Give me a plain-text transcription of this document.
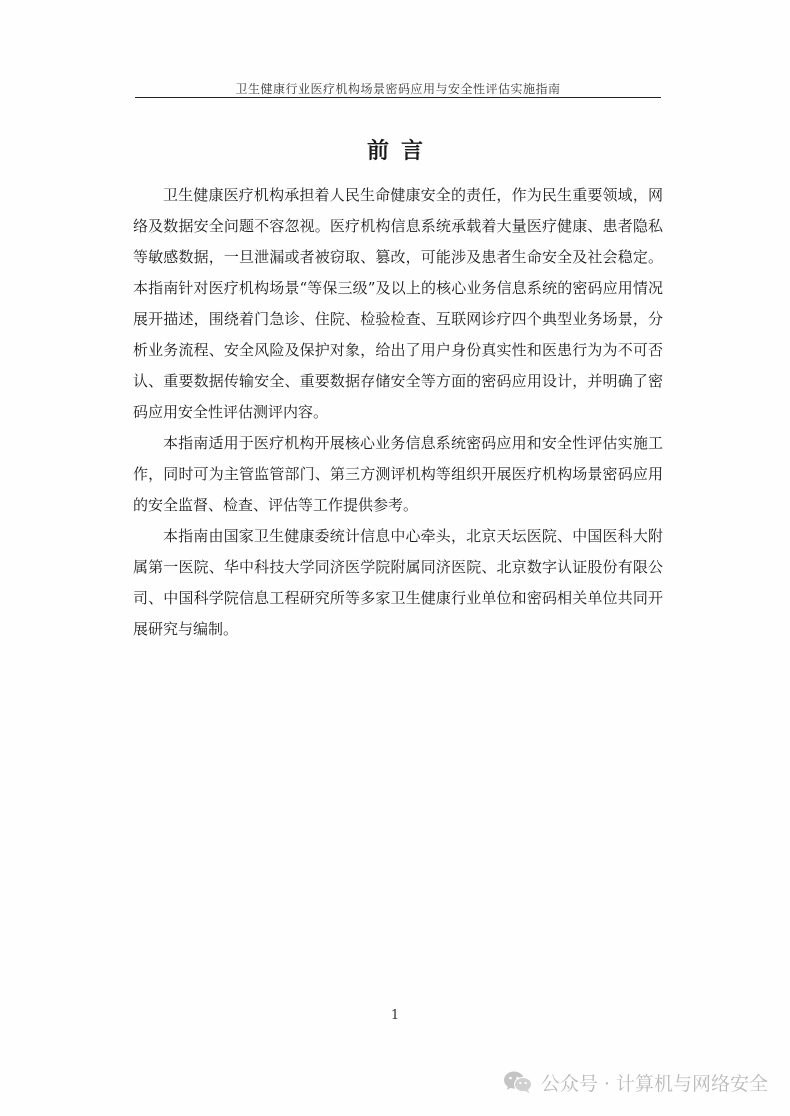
卫生健康行业医疗机构场景密码应用与安全性评估实施指南
前言

卫生健康医疗机构承担着人民生命健康安全的责任，作为民生重要领域，网络及数据安全问题不容忽视。医疗机构信息系统承载着大量医疗健康、患者隐私等敏感数据，一旦泄漏或者被窃取、篡改，可能涉及患者生命安全及社会稳定。本指南针对医疗机构场景“等保三级”及以上的核心业务信息系统的密码应用情况展开描述，围绕着门急诊、住院、检验检查、互联网诊疗四个典型业务场景，分析业务流程、安全风险及保护对象，给出了用户身份真实性和医患行为为不可否认、重要数据传输安全、重要数据存储安全等方面的密码应用设计，并明确了密码应用安全性评估测评内容。

本指南适用于医疗机构开展核心业务信息系统密码应用和安全性评估实施工作，同时可为主管监管部门、第三方测评机构等组织开展医疗机构场景密码应用的安全监督、检查、评估等工作提供参考。

本指南由国家卫生健康委统计信息中心牵头，北京天坛医院、中国医科大附属第一医院、华中科技大学同济医学院附属同济医院、北京数字认证股份有限公司、中国科学院信息工程研究所等多家卫生健康行业单位和密码相关单位共同开展研究与编制。

1
公众号 · 计算机与网络安全
